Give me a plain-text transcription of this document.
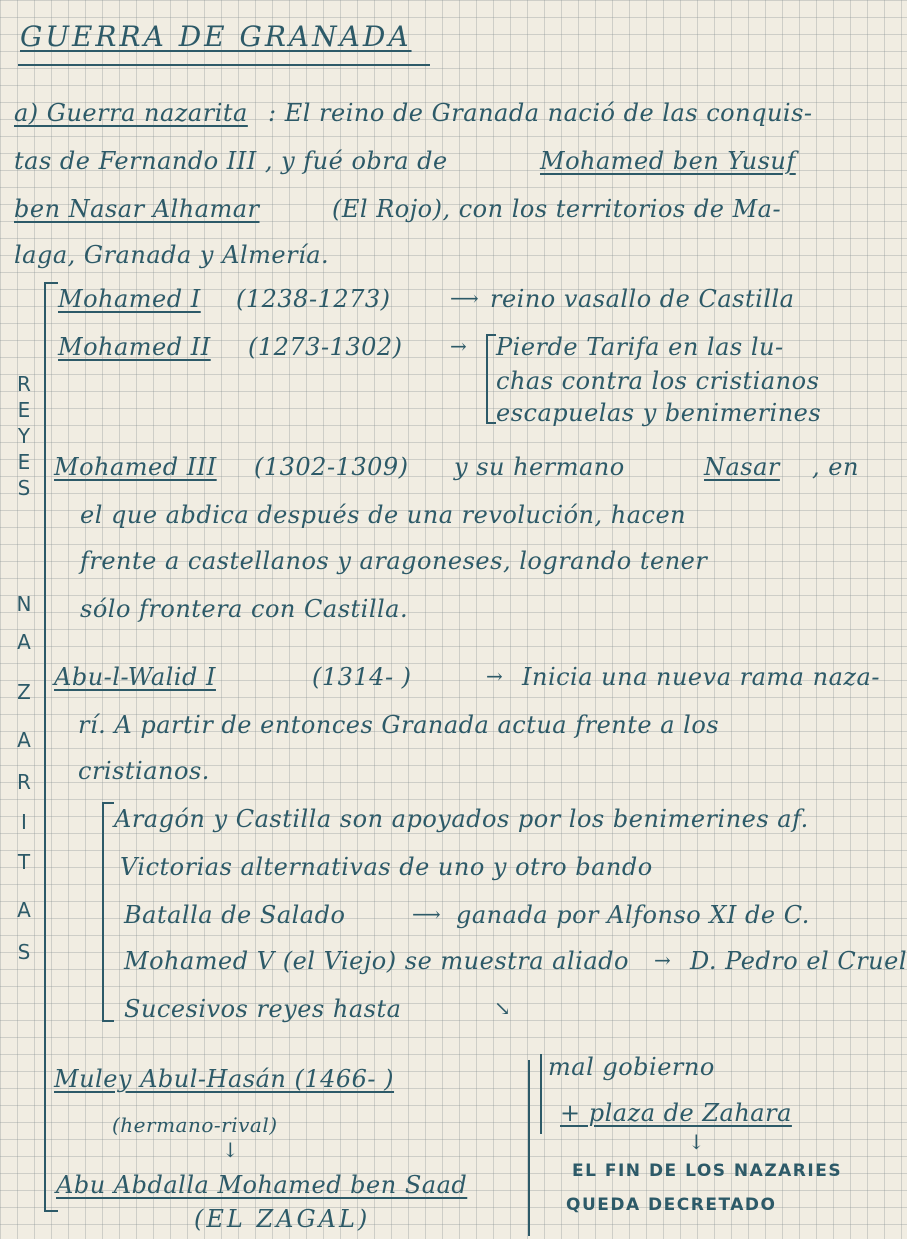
GUERRA DE GRANADA
a) Guerra nazarita : El reino de Granada nació de las conquis-
tas de Fernando III , y fué obra de	Mohamed ben Yusuf
ben Nasar Alhamar	(El Rojo), con los territorios de Ma-
laga, Granada y Almería.
R
E
Y
E
S
N
A
Z
A
R
I
T
A
S
Mohamed I (1238-1273)	⟶ reino vasallo de Castilla
Mohamed II (1273-1302) → Pierde Tarifa en las lu-
chas contra los cristianos
escapuelas y benimerines
Mohamed III (1302-1309) y su hermano	Nasar , en
el que abdica después de una revolución, hacen
frente a castellanos y aragoneses, logrando tener
sólo frontera con Castilla.
Abu-l-Walid I	(1314- )	→ Inicia una nueva rama naza-
rí. A partir de entonces Granada actua frente a los
cristianos.
Aragón y Castilla son apoyados por los benimerines af.
Victorias alternativas de uno y otro bando
Batalla de Salado	⟶ ganada por Alfonso XI de C.
Mohamed V (el Viejo) se muestra aliado → D. Pedro el Cruel
Sucesivos reyes hasta	↘
Muley Abul-Hasán (1466- )
(hermano-rival)
↓
Abu Abdalla Mohamed ben Saad
(EL ZAGAL)
mal gobierno
+ plaza de Zahara
↓
EL FIN DE LOS NAZARIES
QUEDA DECRETADO
